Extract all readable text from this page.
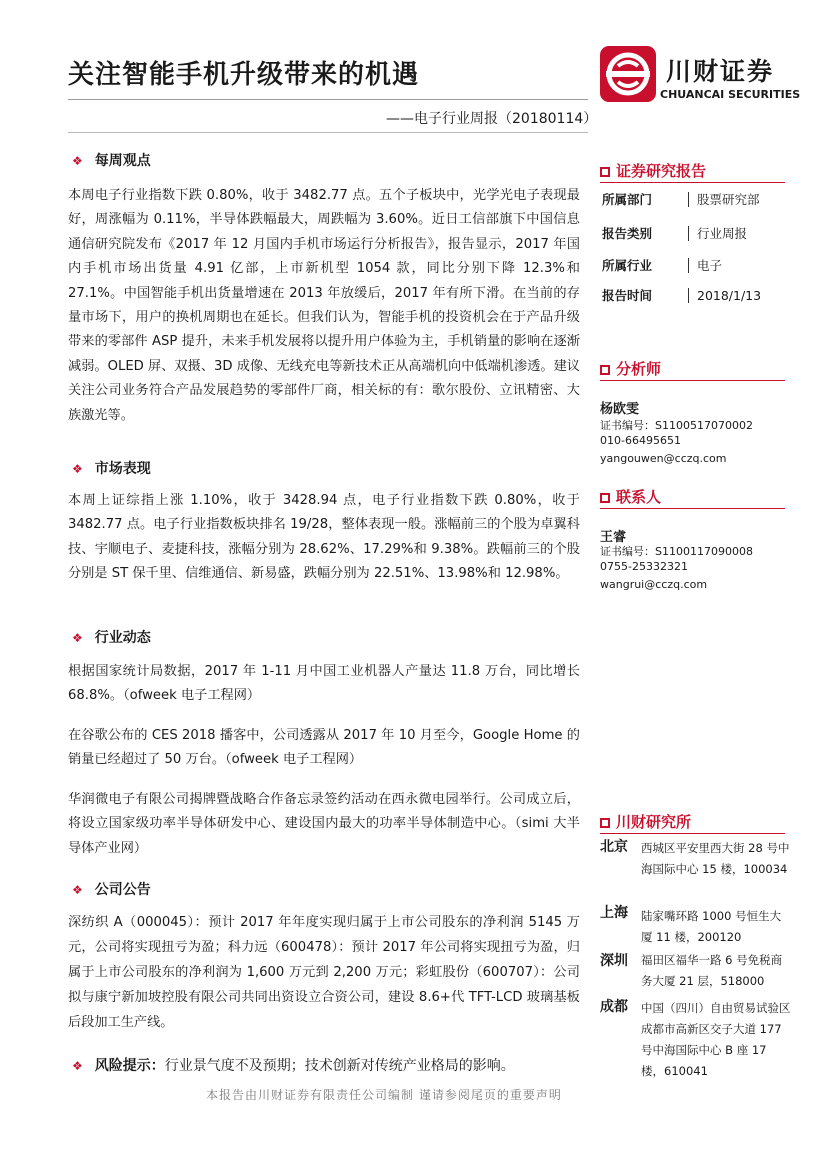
关注智能手机升级带来的机遇
——电子行业周报（20180114）
川财证券
CHUANCAI SECURITIES
❖ 每周观点
本周电子行业指数下跌 0.80%，收于 3482.77 点。五个子板块中，光学光电子表现最好，周涨幅为 0.11%，半导体跌幅最大，周跌幅为 3.60%。近日工信部旗下中国信息通信研究院发布《2017 年 12 月国内手机市场运行分析报告》，报告显示，2017 年国内手机市场出货量 4.91 亿部，上市新机型 1054 款，同比分别下降 12.3%和 27.1%。中国智能手机出货量增速在 2013 年放缓后，2017 年有所下滑。在当前的存量市场下，用户的换机周期也在延长。但我们认为，智能手机的投资机会在于产品升级带来的零部件 ASP 提升，未来手机发展将以提升用户体验为主，手机销量的影响在逐渐减弱。OLED 屏、双摄、3D 成像、无线充电等新技术正从高端机向中低端机渗透。建议关注公司业务符合产品发展趋势的零部件厂商，相关标的有：歌尔股份、立讯精密、大族激光等。
❖ 市场表现
本周上证综指上涨 1.10%，收于 3428.94 点，电子行业指数下跌 0.80%，收于 3482.77 点。电子行业指数板块排名 19/28，整体表现一般。涨幅前三的个股为卓翼科技、宇顺电子、麦捷科技，涨幅分别为 28.62%、17.29%和 9.38%。跌幅前三的个股分别是 ST 保千里、信维通信、新易盛，跌幅分别为 22.51%、13.98%和 12.98%。
❖ 行业动态
根据国家统计局数据，2017 年 1-11 月中国工业机器人产量达 11.8 万台，同比增长 68.8%。（ofweek 电子工程网）
在谷歌公布的 CES 2018 播客中，公司透露从 2017 年 10 月至今，Google Home 的销量已经超过了 50 万台。（ofweek 电子工程网）
华润微电子有限公司揭牌暨战略合作备忘录签约活动在西永微电园举行。公司成立后，将设立国家级功率半导体研发中心、建设国内最大的功率半导体制造中心。（simi 大半导体产业网）
❖ 公司公告
深纺织 A（000045）：预计 2017 年年度实现归属于上市公司股东的净利润 5145 万元，公司将实现扭亏为盈；科力远（600478）：预计 2017 年公司将实现扭亏为盈，归属于上市公司股东的净利润为 1,600 万元到 2,200 万元；彩虹股份（600707）：公司拟与康宁新加坡控股有限公司共同出资设立合资公司，建设 8.6+代 TFT-LCD 玻璃基板后段加工生产线。
❖ 风险提示：行业景气度不及预期；技术创新对传统产业格局的影响。
证券研究报告
所属部门	股票研究部
报告类别	行业周报
所属行业	电子
报告时间	2018/1/13
分析师
杨欧雯
证书编号：S1100517070002
010-66495651
yangouwen@cczq.com
联系人
王睿
证书编号：S1100117090008
0755-25332321
wangrui@cczq.com
川财研究所
北京 西城区平安里西大街 28 号中海国际中心 15 楼，100034
上海 陆家嘴环路 1000 号恒生大厦 11 楼，200120
深圳 福田区福华一路 6 号免税商务大厦 21 层，518000
成都 中国（四川）自由贸易试验区成都市高新区交子大道 177 号中海国际中心 B 座 17 楼，610041
本报告由川财证券有限责任公司编制 谨请参阅尾页的重要声明
